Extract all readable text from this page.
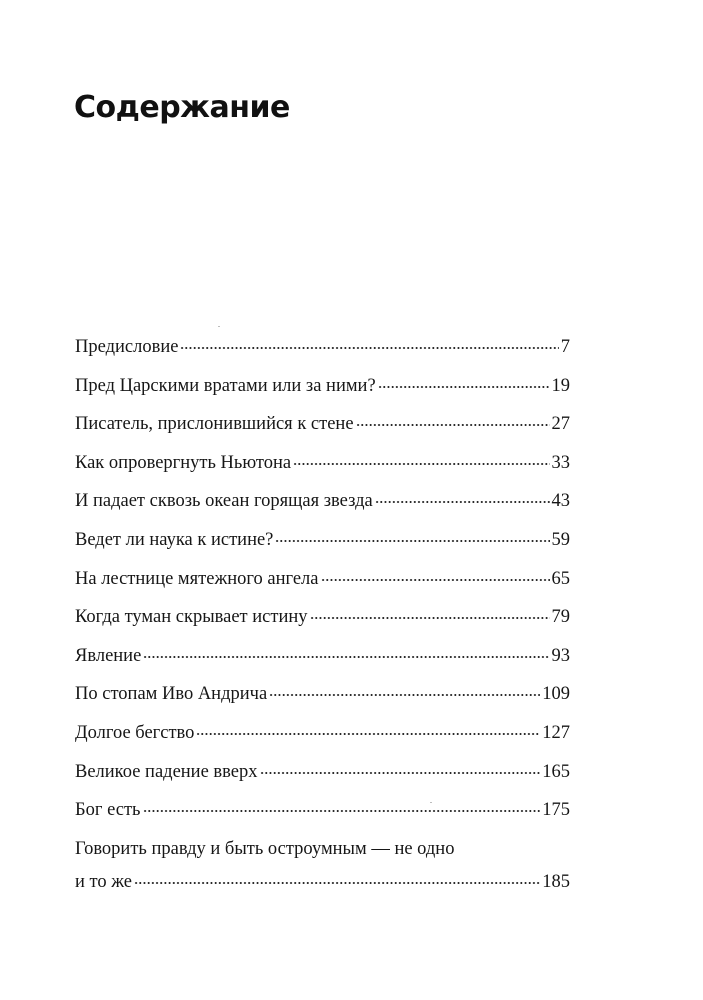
Содержание
Предисловие	7
Пред Царскими вратами или за ними?	19
Писатель, прислонившийся к стене	27
Как опровергнуть Ньютона	33
И падает сквозь океан горящая звезда	43
Ведет ли наука к истине?	59
На лестнице мятежного ангела	65
Когда туман скрывает истину	79
Явление	93
По стопам Иво Андрича	109
Долгое бегство	127
Великое падение вверх	165
Бог есть	175
Говорить правду и быть остроумным — не одно
и то же	185
